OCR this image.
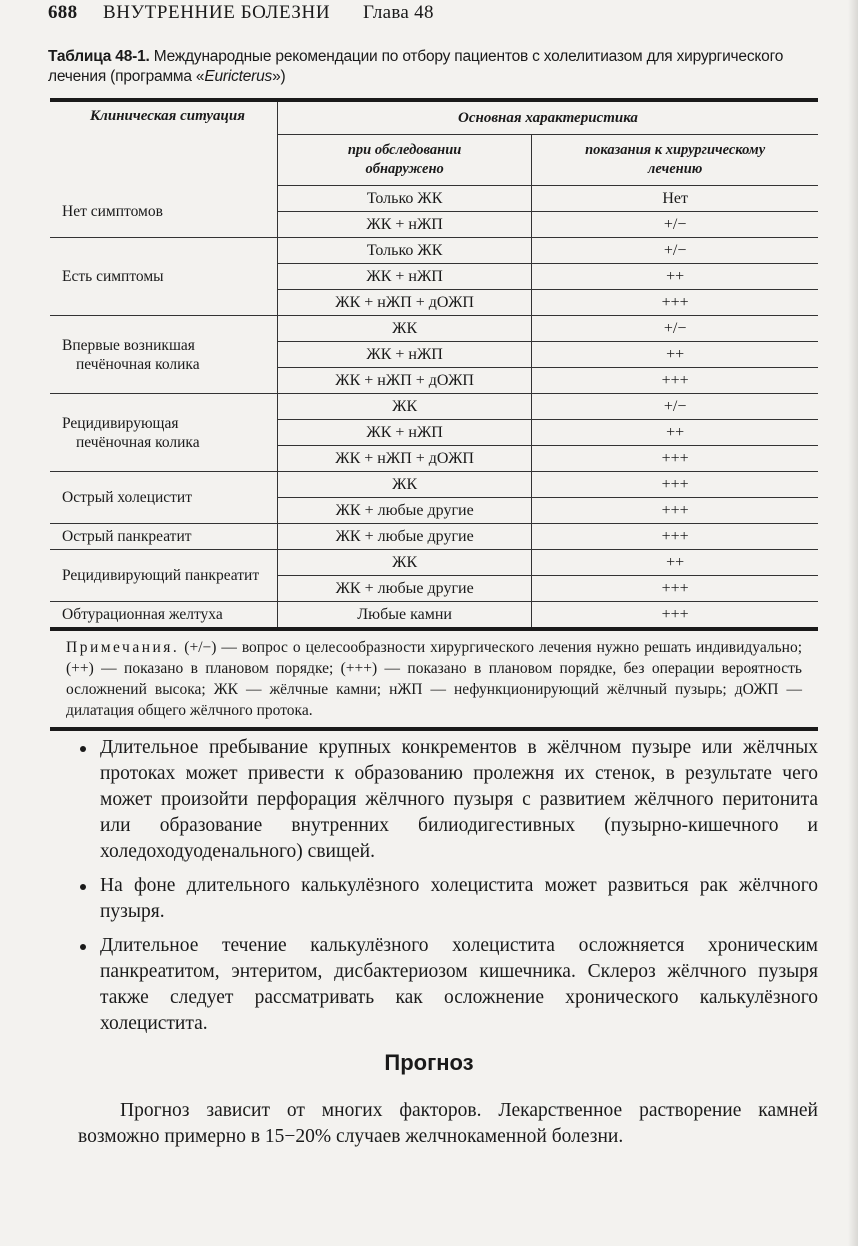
688	ВНУТРЕННИЕ БОЛЕЗНИ	Глава 48
Таблица 48-1. Международные рекомендации по отбору пациентов с холелитиазом для хирургического лечения (программа «Euricterus»)
Клиническая ситуация	Основная характеристика	
	при обследовании обнаружено	показания к хирургическому лечению

Нет симптомов	Только ЖК	Нет
	ЖК + нЖП	+/−

Есть симптомы	Только ЖК	+/−
	ЖК + нЖП	++
	ЖК + нЖП + дОЖП	+++

Впервые возникшая
печёночная колика	ЖК	+/−
	ЖК + нЖП	++
	ЖК + нЖП + дОЖП	+++

Рецидивирующая
печёночная колика	ЖК	+/−
	ЖК + нЖП	++
	ЖК + нЖП + дОЖП	+++

Острый холецистит	ЖК	+++
	ЖК + любые другие	+++

Острый панкреатит	ЖК + любые другие	+++

Рецидивирующий панкреатит	ЖК	++
	ЖК + любые другие	+++

Обтурационная желтуха	Любые камни	+++
Примечания. (+/−) — вопрос о целесообразности хирургического лечения нужно решать индивидуально; (++) — показано в плановом порядке; (+++) — показано в плановом порядке, без операции вероятность осложнений высока; ЖК — жёлчные камни; нЖП — нефункционирующий жёлчный пузырь; дОЖП — дилатация общего жёлчного протока.
Длительное пребывание крупных конкрементов в жёлчном пузыре или жёлчных протоках может привести к образованию пролежня их стенок, в результате чего может произойти перфорация жёлчного пузыря с развитием жёлчного перитонита или образование внутренних билиодигестивных (пузырно-кишечного и холедоходуоденального) свищей.
На фоне длительного калькулёзного холецистита может развиться рак жёлчного пузыря.
Длительное течение калькулёзного холецистита осложняется хроническим панкреатитом, энтеритом, дисбактериозом кишечника. Склероз жёлчного пузыря также следует рассматривать как осложнение хронического калькулёзного холецистита.
Прогноз

Прогноз зависит от многих факторов. Лекарственное растворение камней возможно примерно в 15−20% случаев желчнокаменной болезни.
